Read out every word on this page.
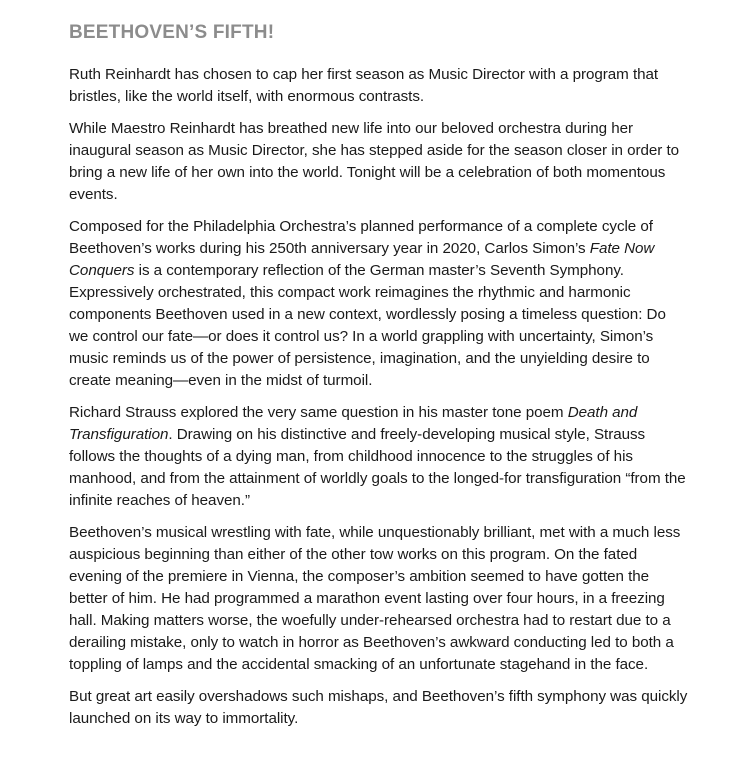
BEETHOVEN’S FIFTH!

Ruth Reinhardt has chosen to cap her first season as Music Director with a program that bristles, like the world itself, with enormous contrasts.

While Maestro Reinhardt has breathed new life into our beloved orchestra during her inaugural season as Music Director, she has stepped aside for the season closer in order to bring a new life of her own into the world. Tonight will be a celebration of both momentous events.

Composed for the Philadelphia Orchestra’s planned performance of a complete cycle of Beethoven’s works during his 250th anniversary year in 2020, Carlos Simon’s Fate Now Conquers is a contemporary reflection of the German master’s Seventh Symphony. Expressively orchestrated, this compact work reimagines the rhythmic and harmonic components Beethoven used in a new context, wordlessly posing a timeless question: Do we control our fate—or does it control us? In a world grappling with uncertainty, Simon’s music reminds us of the power of persistence, imagination, and the unyielding desire to create meaning—even in the midst of turmoil.

Richard Strauss explored the very same question in his master tone poem Death and Transfiguration. Drawing on his distinctive and freely-developing musical style, Strauss follows the thoughts of a dying man, from childhood innocence to the struggles of his manhood, and from the attainment of worldly goals to the longed-for transfiguration “from the infinite reaches of heaven.”

Beethoven’s musical wrestling with fate, while unquestionably brilliant, met with a much less auspicious beginning than either of the other tow works on this program. On the fated evening of the premiere in Vienna, the composer’s ambition seemed to have gotten the better of him. He had programmed a marathon event lasting over four hours, in a freezing hall. Making matters worse, the woefully under-rehearsed orchestra had to restart due to a derailing mistake, only to watch in horror as Beethoven’s awkward conducting led to both a toppling of lamps and the accidental smacking of an unfortunate stagehand in the face.

But great art easily overshadows such mishaps, and Beethoven’s fifth symphony was quickly launched on its way to immortality.
